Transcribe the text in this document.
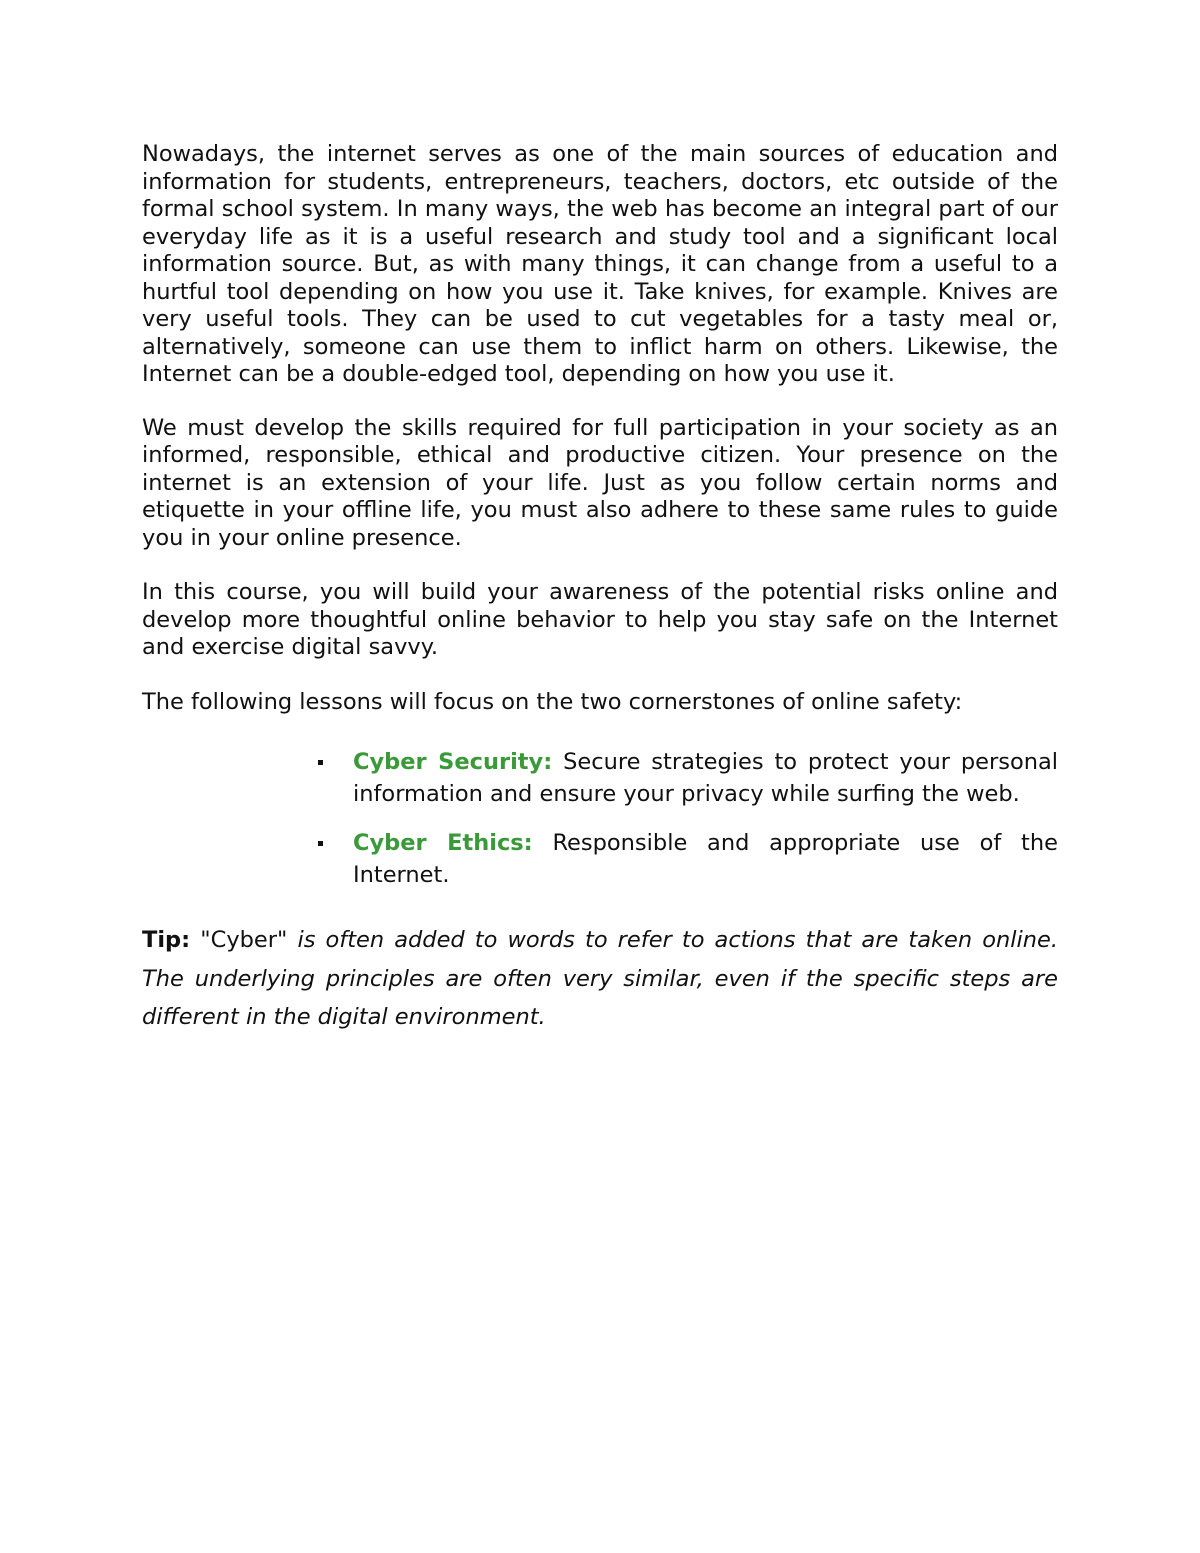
Nowadays, the internet serves as one of the main sources of education and information for students, entrepreneurs, teachers, doctors, etc outside of the formal school system. In many ways, the web has become an integral part of our everyday life as it is a useful research and study tool and a significant local information source. But, as with many things, it can change from a useful to a hurtful tool depending on how you use it. Take knives, for example. Knives are very useful tools. They can be used to cut vegetables for a tasty meal or, alternatively, someone can use them to inflict harm on others. Likewise, the Internet can be a double-edged tool, depending on how you use it.

We must develop the skills required for full participation in your society as an informed, responsible, ethical and productive citizen. Your presence on the internet is an extension of your life. Just as you follow certain norms and etiquette in your offline life, you must also adhere to these same rules to guide you in your online presence.

In this course, you will build your awareness of the potential risks online and develop more thoughtful online behavior to help you stay safe on the Internet and exercise digital savvy.

The following lessons will focus on the two cornerstones of online safety:

Cyber Security: Secure strategies to protect your personal information and ensure your privacy while surfing the web.
Cyber Ethics: Responsible and appropriate use of the Internet.

Tip: "Cyber" is often added to words to refer to actions that are taken online. The underlying principles are often very similar, even if the specific steps are different in the digital environment.
